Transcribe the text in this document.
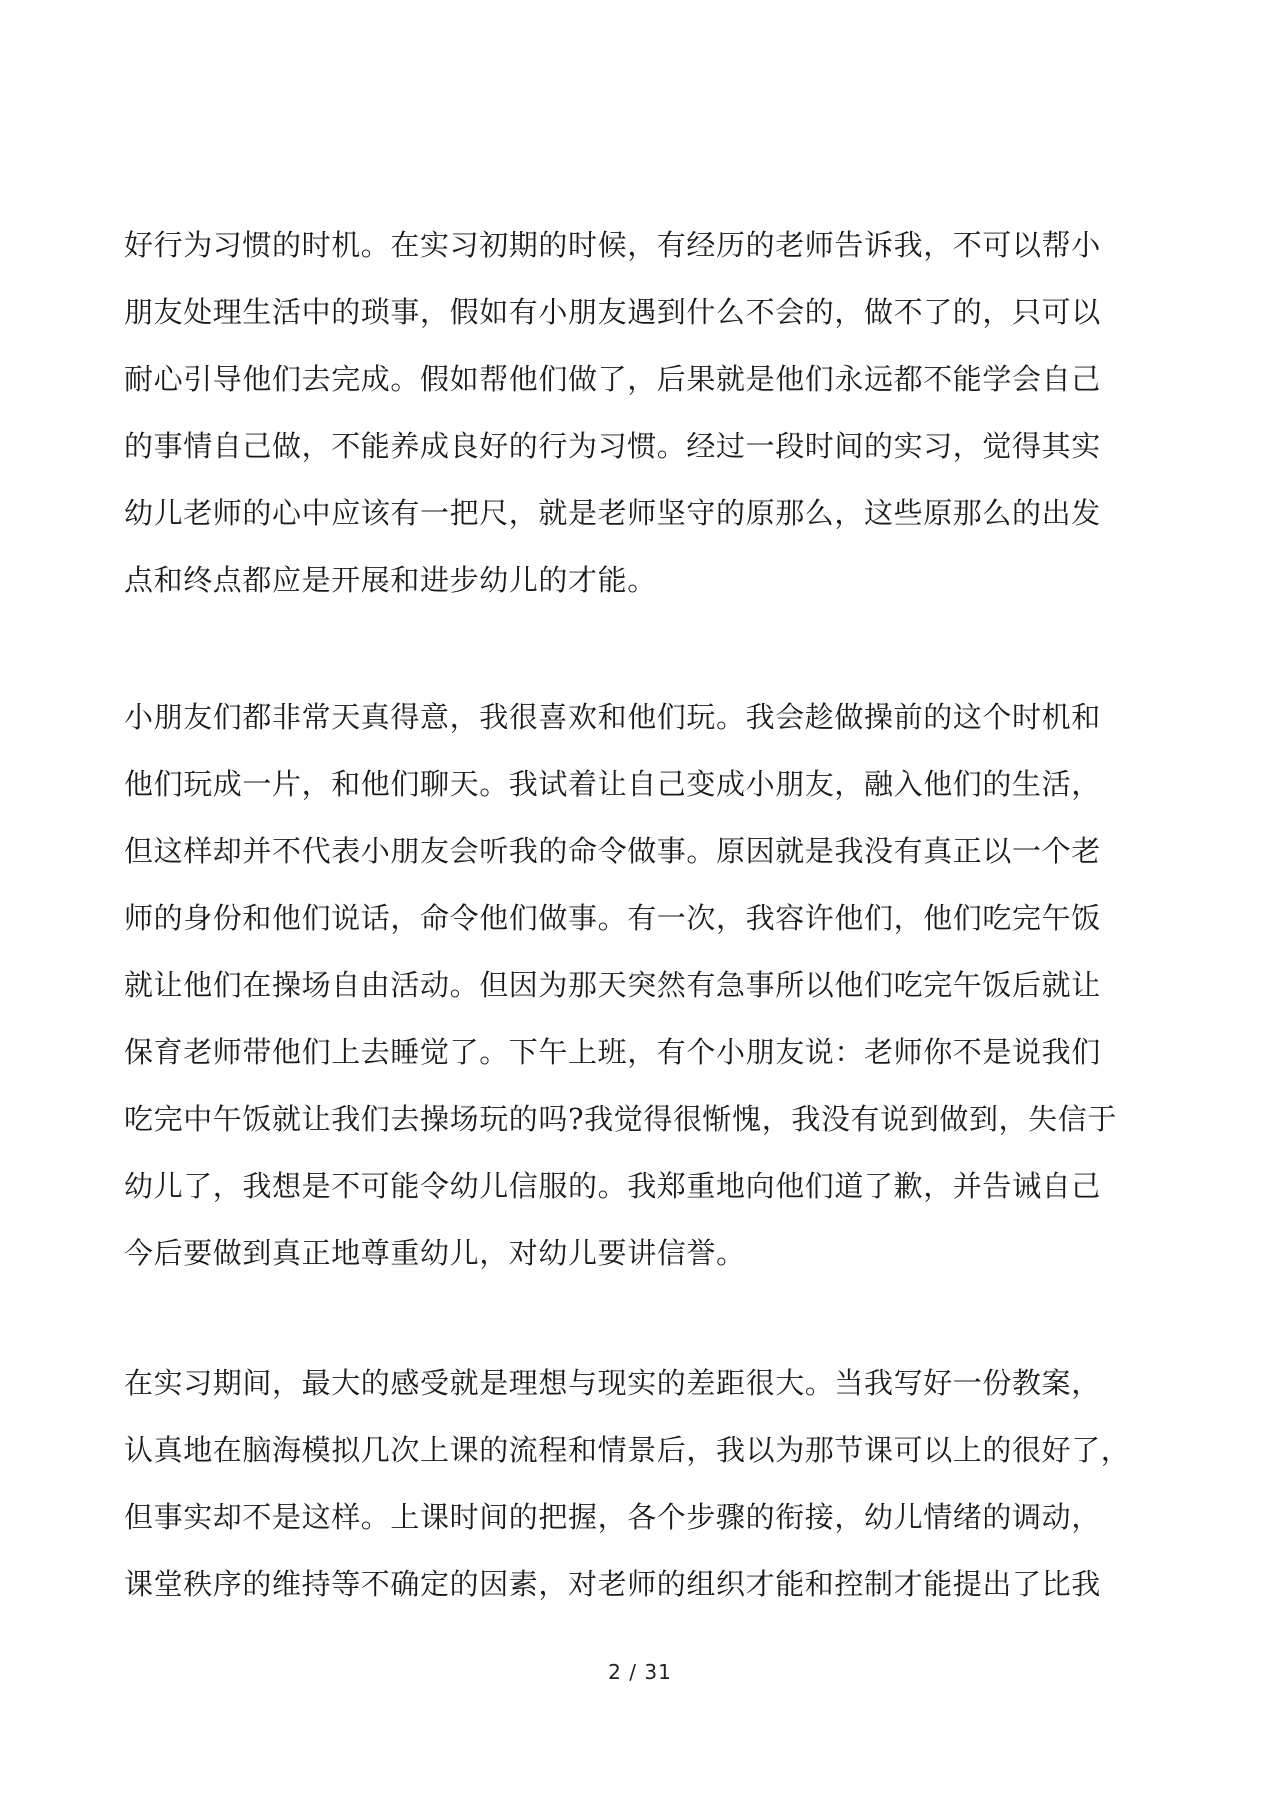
好行为习惯的时机。在实习初期的时候，有经历的老师告诉我，不可以帮小
朋友处理生活中的琐事，假如有小朋友遇到什么不会的，做不了的，只可以
耐心引导他们去完成。假如帮他们做了，后果就是他们永远都不能学会自己
的事情自己做，不能养成良好的行为习惯。经过一段时间的实习，觉得其实
幼儿老师的心中应该有一把尺，就是老师坚守的原那么，这些原那么的出发
点和终点都应是开展和进步幼儿的才能。
小朋友们都非常天真得意，我很喜欢和他们玩。我会趁做操前的这个时机和
他们玩成一片，和他们聊天。我试着让自己变成小朋友，融入他们的生活，
但这样却并不代表小朋友会听我的命令做事。原因就是我没有真正以一个老
师的身份和他们说话，命令他们做事。有一次，我容许他们，他们吃完午饭
就让他们在操场自由活动。但因为那天突然有急事所以他们吃完午饭后就让
保育老师带他们上去睡觉了。下午上班，有个小朋友说：老师你不是说我们
吃完中午饭就让我们去操场玩的吗?我觉得很惭愧，我没有说到做到，失信于
幼儿了，我想是不可能令幼儿信服的。我郑重地向他们道了歉，并告诫自己
今后要做到真正地尊重幼儿，对幼儿要讲信誉。
在实习期间，最大的感受就是理想与现实的差距很大。当我写好一份教案，
认真地在脑海模拟几次上课的流程和情景后，我以为那节课可以上的很好了，
但事实却不是这样。上课时间的把握，各个步骤的衔接，幼儿情绪的调动，
课堂秩序的维持等不确定的因素，对老师的组织才能和控制才能提出了比我
2 / 31
